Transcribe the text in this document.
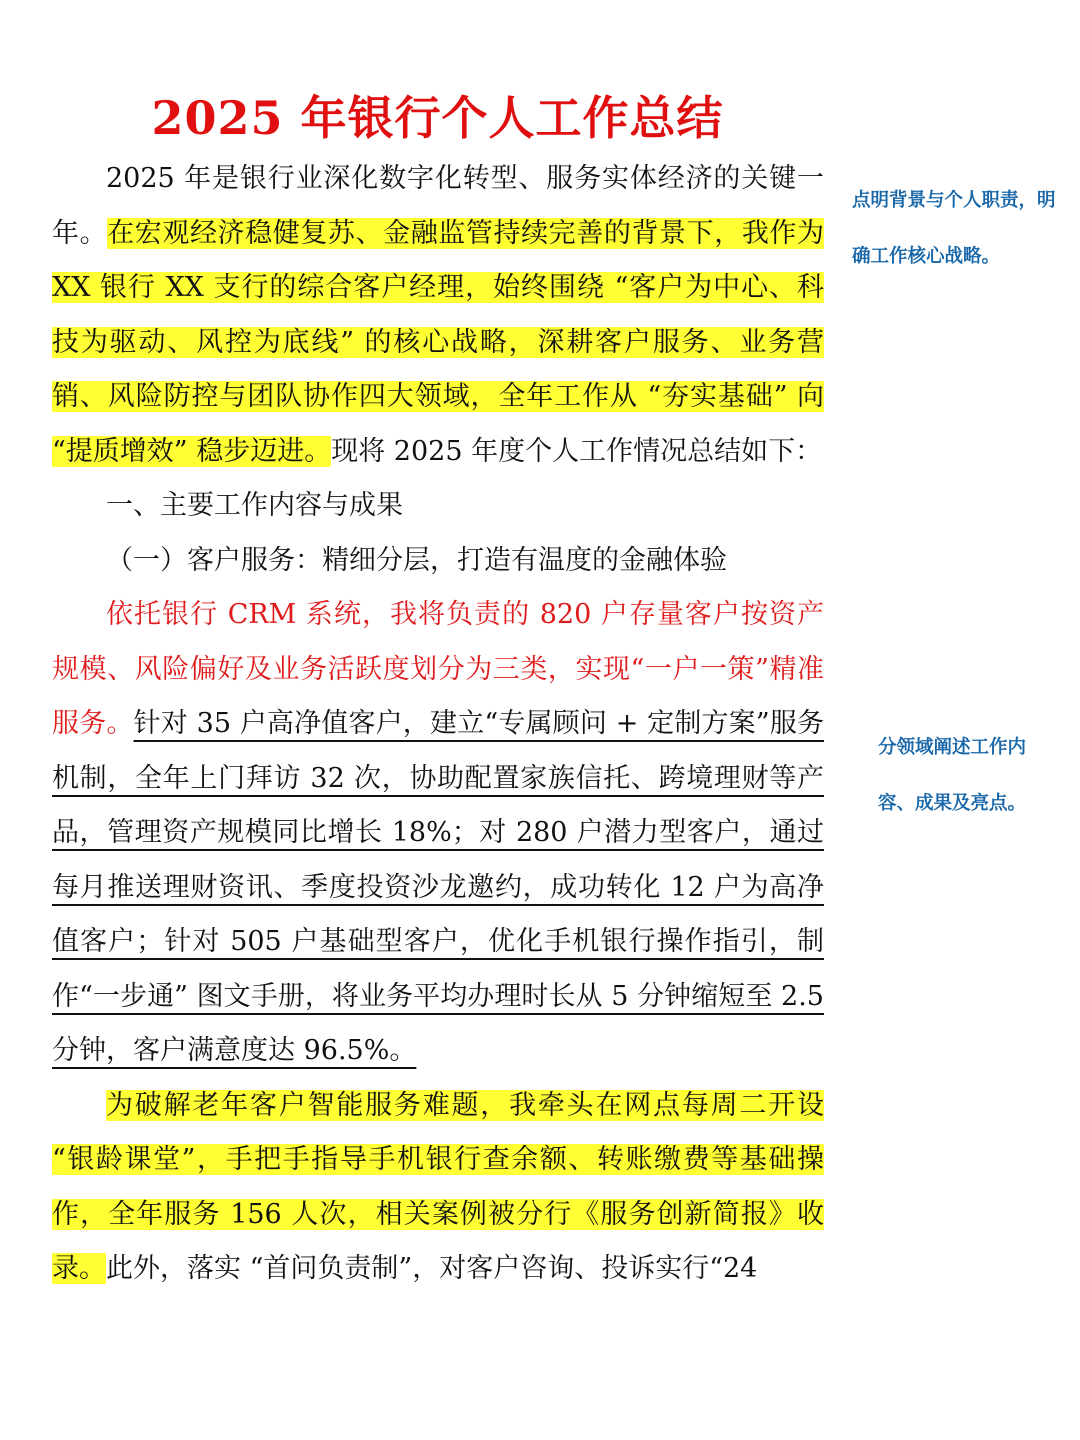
2025 年银行个人工作总结

2025 年是银行业深化数字化转型、服务实体经济的关键一年。在宏观经济稳健复苏、金融监管持续完善的背景下，我作为 XX 银行 XX 支行的综合客户经理，始终围绕 “客户为中心、科技为驱动、风控为底线” 的核心战略，深耕客户服务、业务营销、风险防控与团队协作四大领域，全年工作从 “夯实基础” 向 “提质增效” 稳步迈进。现将 2025 年度个人工作情况总结如下：

一、主要工作内容与成果

（一）客户服务：精细分层，打造有温度的金融体验

依托银行 CRM 系统，我将负责的 820 户存量客户按资产规模、风险偏好及业务活跃度划分为三类，实现“一户一策”精准服务。针对 35 户高净值客户，建立“专属顾问 + 定制方案”服务机制，全年上门拜访 32 次，协助配置家族信托、跨境理财等产品，管理资产规模同比增长 18%；对 280 户潜力型客户，通过每月推送理财资讯、季度投资沙龙邀约，成功转化 12 户为高净值客户；针对 505 户基础型客户，优化手机银行操作指引，制作“一步通” 图文手册，将业务平均办理时长从 5 分钟缩短至 2.5 分钟，客户满意度达 96.5%。

为破解老年客户智能服务难题，我牵头在网点每周二开设 “银龄课堂”，手把手指导手机银行查余额、转账缴费等基础操作，全年服务 156 人次，相关案例被分行《服务创新简报》收录。此外，落实 “首问负责制”，对客户咨询、投诉实行“24

点明背景与个人职责，明确工作核心战略。
分领域阐述工作内容、成果及亮点。
